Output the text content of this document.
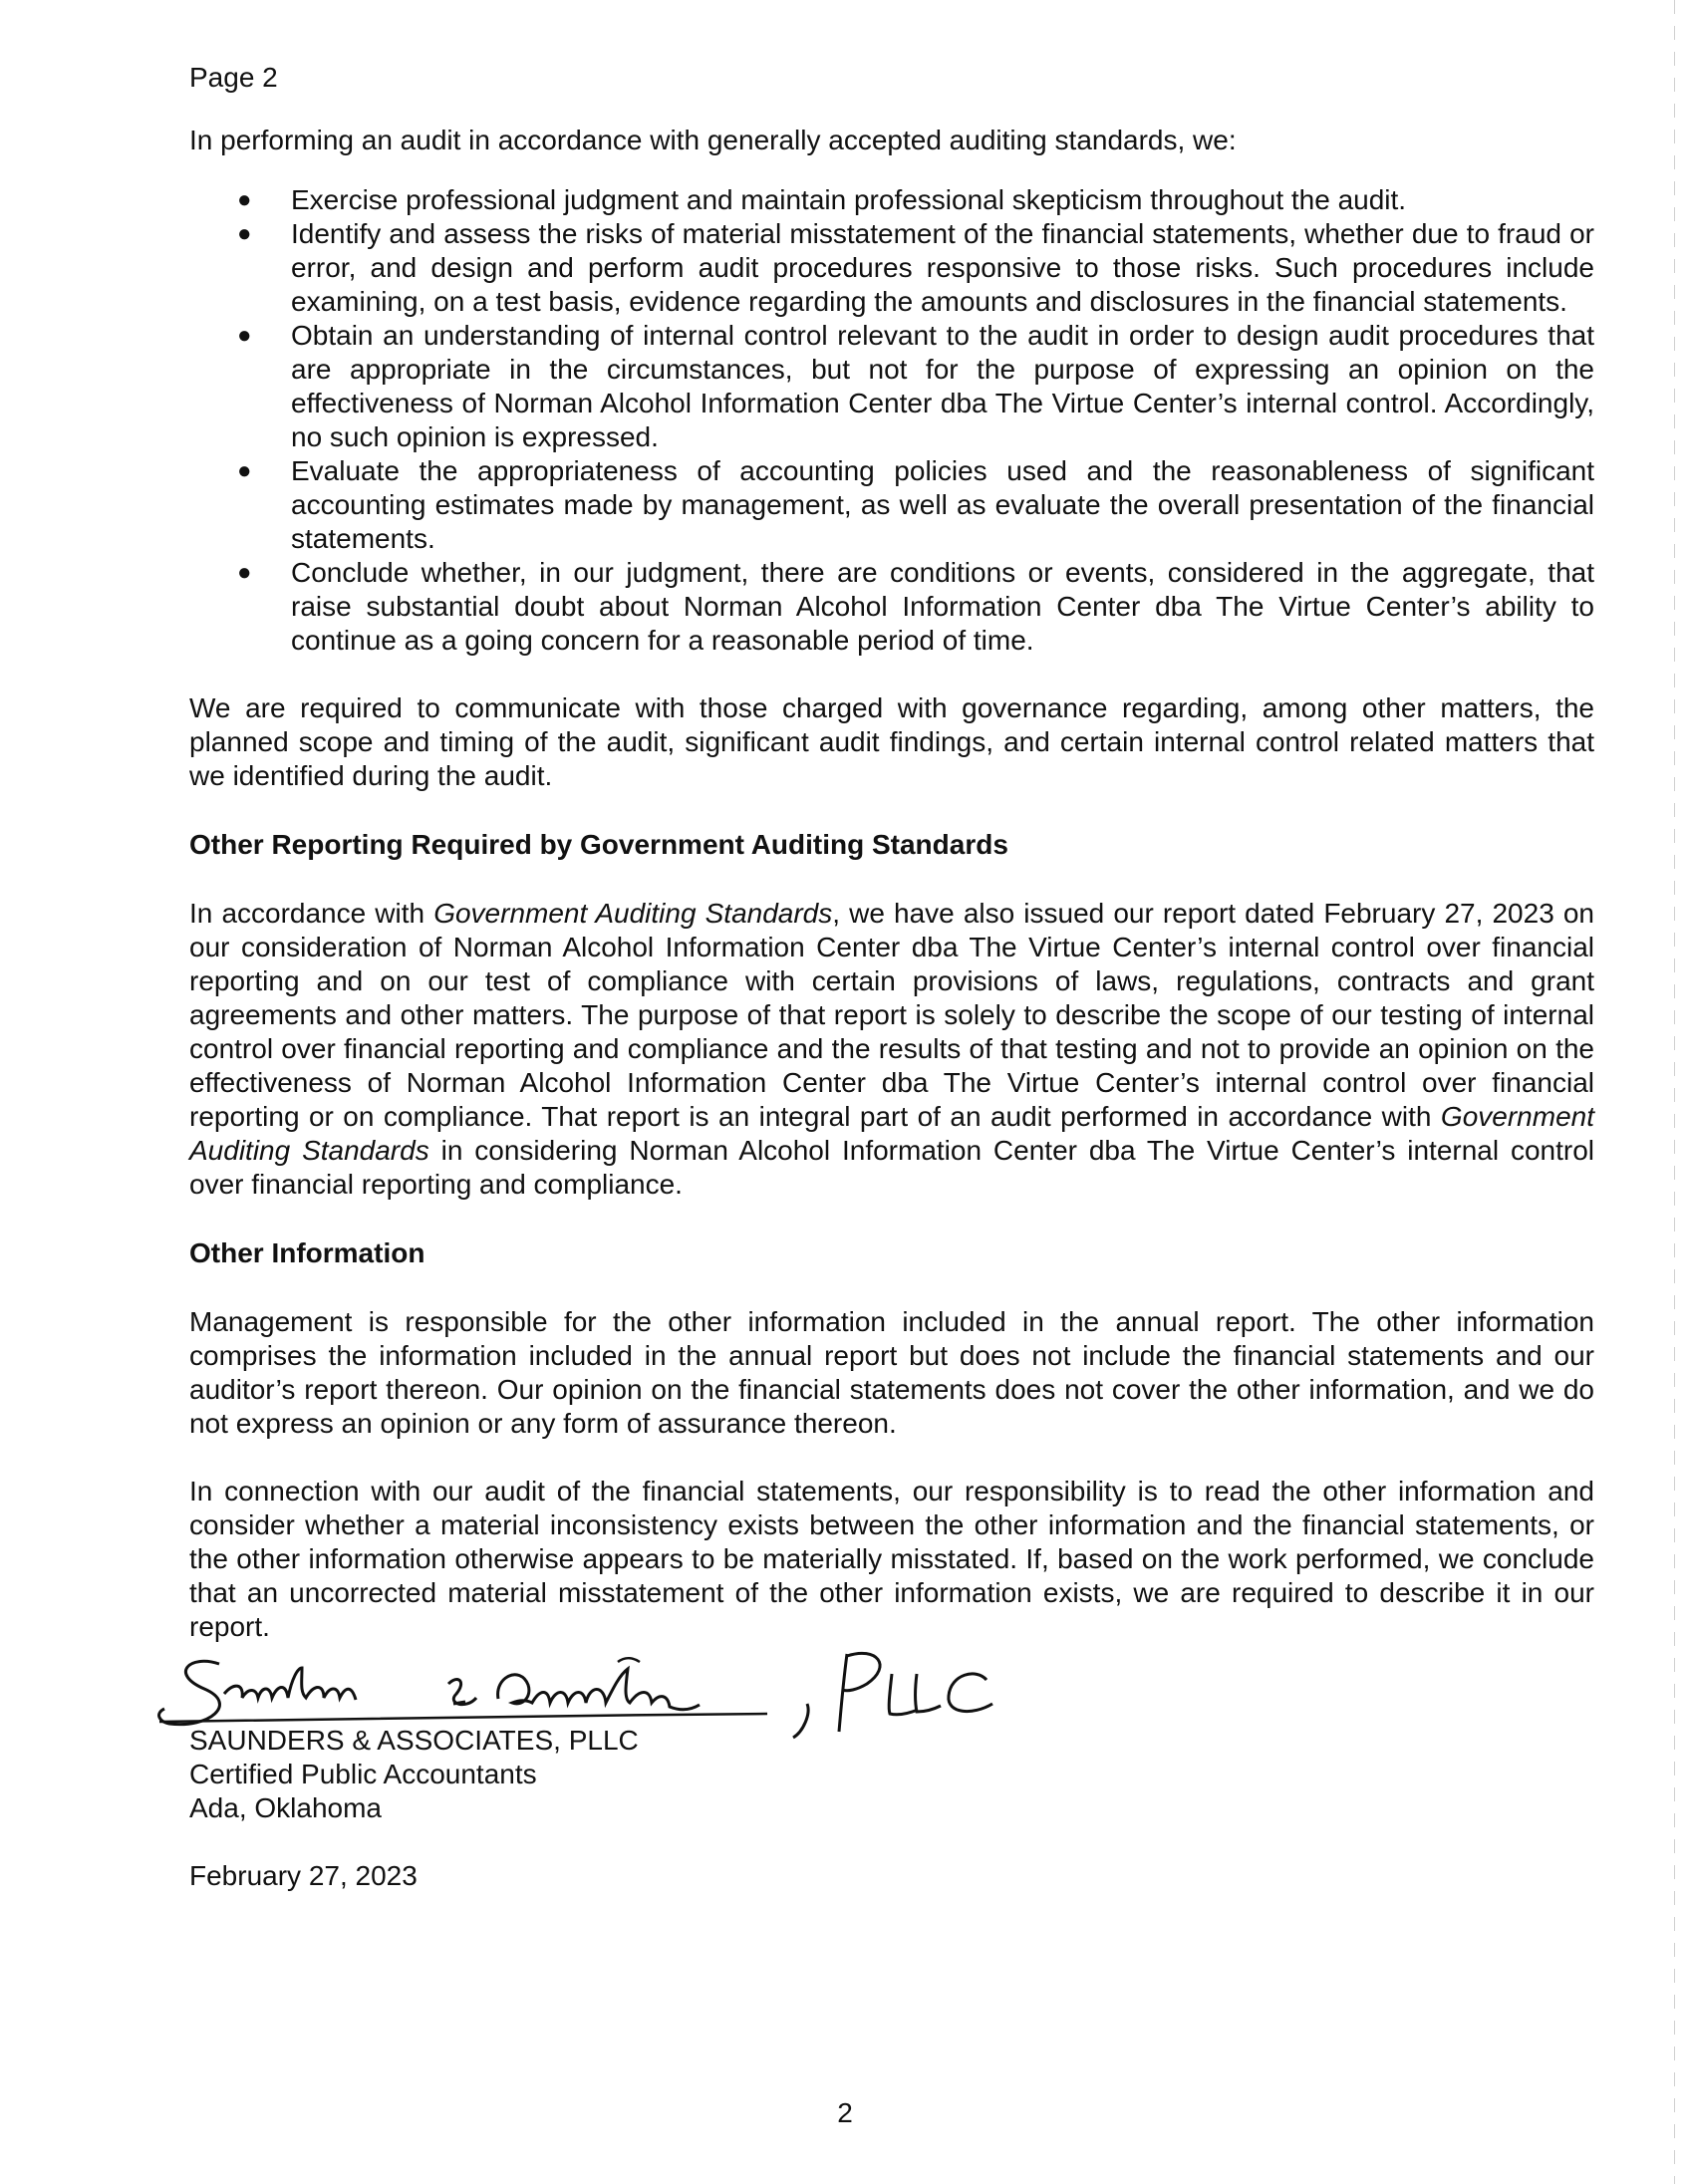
Page 2

In performing an audit in accordance with generally accepted auditing standards, we:

● Exercise professional judgment and maintain professional skepticism throughout the audit.
● Identify and assess the risks of material misstatement of the financial statements, whether due to fraud or error, and design and perform audit procedures responsive to those risks. Such procedures include examining, on a test basis, evidence regarding the amounts and disclosures in the financial statements.
● Obtain an understanding of internal control relevant to the audit in order to design audit procedures that are appropriate in the circumstances, but not for the purpose of expressing an opinion on the effectiveness of Norman Alcohol Information Center dba The Virtue Center’s internal control. Accordingly, no such opinion is expressed.
● Evaluate the appropriateness of accounting policies used and the reasonableness of significant accounting estimates made by management, as well as evaluate the overall presentation of the financial statements.
● Conclude whether, in our judgment, there are conditions or events, considered in the aggregate, that raise substantial doubt about Norman Alcohol Information Center dba The Virtue Center’s ability to continue as a going concern for a reasonable period of time.

We are required to communicate with those charged with governance regarding, among other matters, the planned scope and timing of the audit, significant audit findings, and certain internal control related matters that we identified during the audit.

Other Reporting Required by Government Auditing Standards

In accordance with Government Auditing Standards, we have also issued our report dated February 27, 2023 on our consideration of Norman Alcohol Information Center dba The Virtue Center’s internal control over financial reporting and on our test of compliance with certain provisions of laws, regulations, contracts and grant agreements and other matters. The purpose of that report is solely to describe the scope of our testing of internal control over financial reporting and compliance and the results of that testing and not to provide an opinion on the effectiveness of Norman Alcohol Information Center dba The Virtue Center’s internal control over financial reporting or on compliance. That report is an integral part of an audit performed in accordance with Government Auditing Standards in considering Norman Alcohol Information Center dba The Virtue Center’s internal control over financial reporting and compliance.

Other Information

Management is responsible for the other information included in the annual report. The other information comprises the information included in the annual report but does not include the financial statements and our auditor’s report thereon. Our opinion on the financial statements does not cover the other information, and we do not express an opinion or any form of assurance thereon.

In connection with our audit of the financial statements, our responsibility is to read the other information and consider whether a material inconsistency exists between the other information and the financial statements, or the other information otherwise appears to be materially misstated. If, based on the work performed, we conclude that an uncorrected material misstatement of the other information exists, we are required to describe it in our report.

SAUNDERS & ASSOCIATES, PLLC
Certified Public Accountants
Ada, Oklahoma
February 27, 2023
2
